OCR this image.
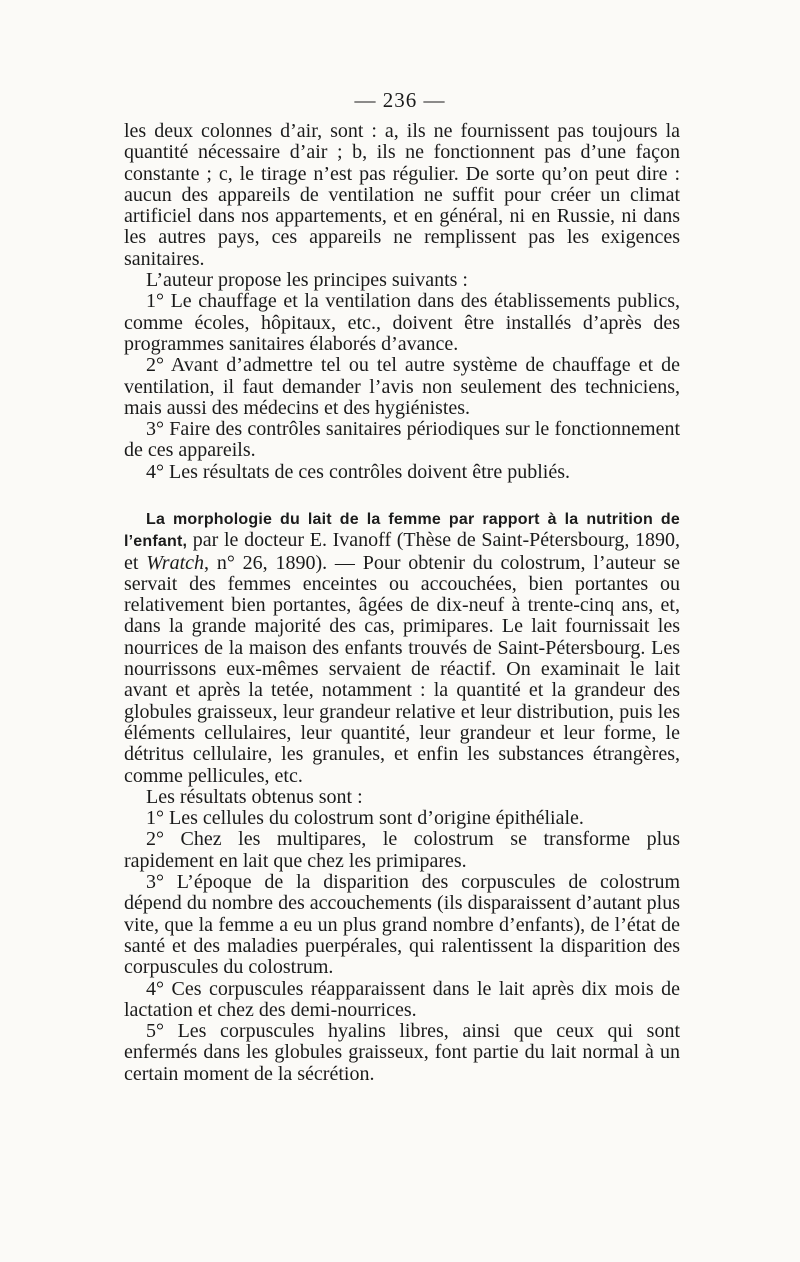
— 236 —

les deux colonnes d’air, sont : a, ils ne fournissent pas toujours la quantité nécessaire d’air ; b, ils ne fonctionnent pas d’une façon constante ; c, le tirage n’est pas régulier. De sorte qu’on peut dire : aucun des appareils de ventilation ne suffit pour créer un climat artificiel dans nos appartements, et en général, ni en Russie, ni dans les autres pays, ces appareils ne remplissent pas les exigences sanitaires.

L’auteur propose les principes suivants :

1° Le chauffage et la ventilation dans des établissements publics, comme écoles, hôpitaux, etc., doivent être installés d’après des programmes sanitaires élaborés d’avance.

2° Avant d’admettre tel ou tel autre système de chauffage et de ventilation, il faut demander l’avis non seulement des techniciens, mais aussi des médecins et des hygiénistes.

3° Faire des contrôles sanitaires périodiques sur le fonctionnement de ces appareils.

4° Les résultats de ces contrôles doivent être publiés.

La morphologie du lait de la femme par rapport à la nutrition de l’enfant, par le docteur E. Ivanoff (Thèse de Saint-Pétersbourg, 1890, et Wratch, n° 26, 1890). — Pour obtenir du colostrum, l’auteur se servait des femmes enceintes ou accouchées, bien portantes ou relativement bien portantes, âgées de dix-neuf à trente-cinq ans, et, dans la grande majorité des cas, primipares. Le lait fournissait les nourrices de la maison des enfants trouvés de Saint-Pétersbourg. Les nourrissons eux-mêmes servaient de réactif. On examinait le lait avant et après la tetée, notamment : la quantité et la grandeur des globules graisseux, leur grandeur relative et leur distribution, puis les éléments cellulaires, leur quantité, leur grandeur et leur forme, le détritus cellulaire, les granules, et enfin les substances étrangères, comme pellicules, etc.

Les résultats obtenus sont :

1° Les cellules du colostrum sont d’origine épithéliale.

2° Chez les multipares, le colostrum se transforme plus rapidement en lait que chez les primipares.

3° L’époque de la disparition des corpuscules de colostrum dépend du nombre des accouchements (ils disparaissent d’autant plus vite, que la femme a eu un plus grand nombre d’enfants), de l’état de santé et des maladies puerpérales, qui ralentissent la disparition des corpuscules du colostrum.

4° Ces corpuscules réapparaissent dans le lait après dix mois de lactation et chez des demi-nourrices.

5° Les corpuscules hyalins libres, ainsi que ceux qui sont enfermés dans les globules graisseux, font partie du lait normal à un certain moment de la sécrétion.
